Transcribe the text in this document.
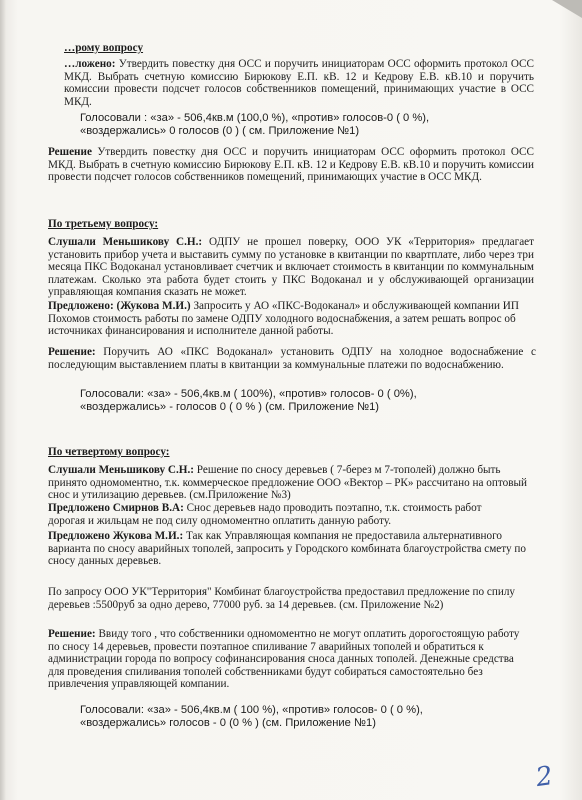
…рому вопросу
…ложено: Утвердить повестку дня ОСС и поручить инициаторам ОСС оформить протокол ОСС МКД. Выбрать счетную комиссию Бирюкову Е.П. кВ. 12 и Кедрову Е.В. кВ.10 и поручить комиссии провести подсчет голосов собственников помещений, принимающих участие в ОСС МКД.
Голосовали : «за» - 506,4кв.м (100,0 %), «против» голосов-0 ( 0 %),
«воздержались» 0 голосов (0 ) ( см. Приложение №1)
Решение Утвердить повестку дня ОСС и поручить инициаторам ОСС оформить протокол ОСС МКД. Выбрать в счетную комиссию Бирюкову Е.П. кВ. 12 и Кедрову Е.В. кВ.10 и поручить комиссии провести подсчет голосов собственников помещений, принимающих участие в ОСС МКД.
По третьему вопросу:
Слушали Меньшикову С.Н.: ОДПУ не прошел поверку, ООО УК «Территория» предлагает установить прибор учета и выставить сумму по установке в квитанции по квартплате, либо через три месяца ПКС Водоканал установливает счетчик и включает стоимость в квитанции по коммунальным платежам. Сколько эта работа будет стоить у ПКС Водоканал и у обслуживающей организации управляющая компания сказать не может.
Предложено: (Жукова М.И.) Запросить у АО «ПКС-Водоканал» и обслуживающей компании ИП Похомов стоимость работы по замене ОДПУ холодного водоснабжения, а затем решать вопрос об источниках финансирования и исполнителе данной работы.
Решение: Поручить АО «ПКС Водоканал» установить ОДПУ на холодное водоснабжение с последующим выставлением платы в квитанции за коммунальные платежи по водоснабжению.
Голосовали: «за» - 506,4кв.м ( 100%), «против» голосов- 0 ( 0%),
«воздержались» - голосов 0 ( 0 % ) (см. Приложение №1)
По четвертому вопросу:
Слушали Меньшикову С.Н.: Решение по сносу деревьев ( 7-берез м 7-тополей) должно быть принято одномоментно, т.к. коммерческое предложение ООО «Вектор – РК» рассчитано на оптовый снос и утилизацию деревьев. (см.Приложение №3)
Предложено Смирнов В.А: Снос деревьев надо проводить поэтапно, т.к. стоимость работ дорогая и жильцам не под силу одномоментно оплатить данную работу.
Предложено Жукова М.И.: Так как Управляющая компания не предоставила альтернативного варианта по сносу аварийных тополей, запросить у Городского комбината благоустройства смету по сносу данных деревьев.
По запросу ООО УК"Территория" Комбинат благоустройства предоставил предложение по спилу деревьев :5500руб за одно дерево, 77000 руб. за 14 деревьев. (см. Приложение №2)
Решение: Ввиду того , что собственники одномоментно не могут оплатить дорогостоящую работу по сносу 14 деревьев, провести поэтапное спиливание 7 аварийных тополей и обратиться к администрации города по вопросу софинансирования сноса данных тополей. Денежные средства для проведения спиливания тополей собственниками будут собираться самостоятельно без привлечения управляющей компании.
Голосовали: «за» - 506,4кв.м ( 100 %), «против» голосов- 0 ( 0 %),
«воздержались» голосов - 0 (0 % ) (см. Приложение №1)
2
